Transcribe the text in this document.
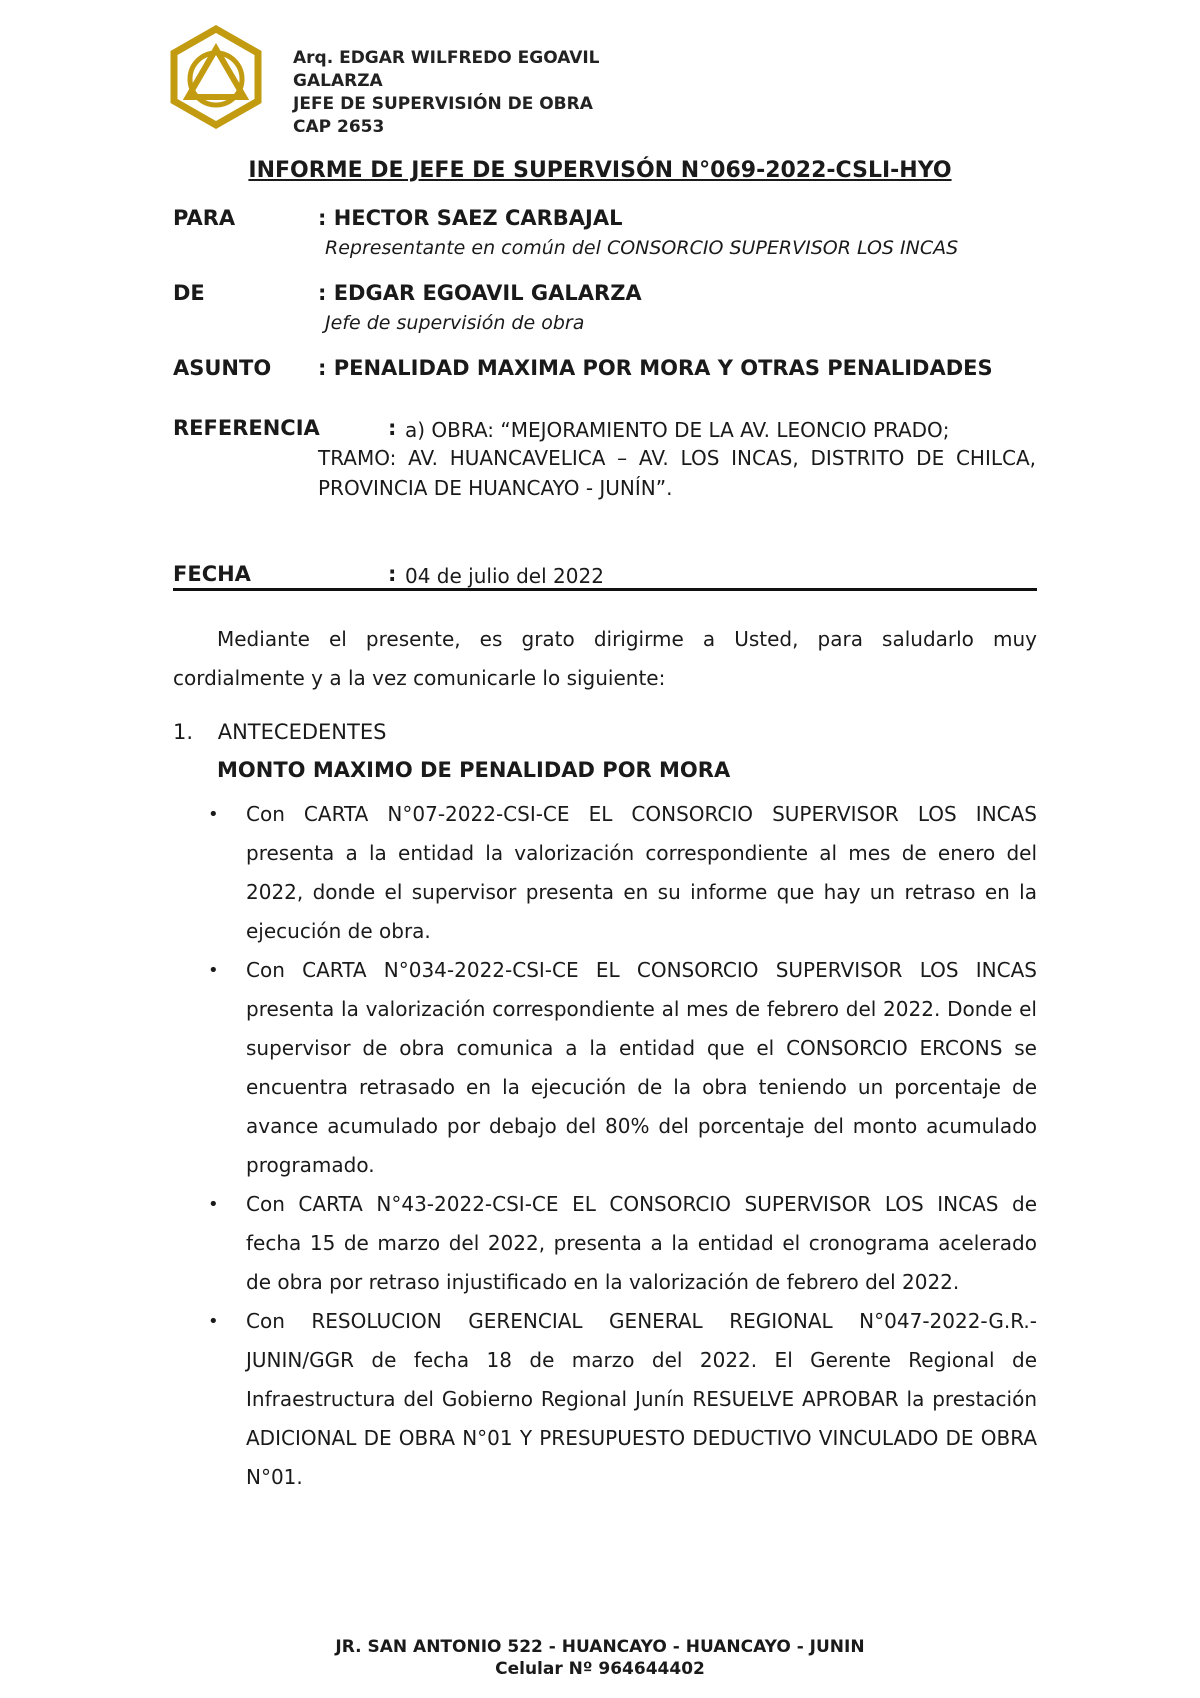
Arq. EDGAR WILFREDO EGOAVIL
GALARZA
JEFE DE SUPERVISIÓN DE OBRA
CAP 2653
INFORME DE JEFE DE SUPERVISÓN N°069-2022-CSLI-HYO
PARA	: HECTOR SAEZ CARBAJAL
Representante en común del CONSORCIO SUPERVISOR LOS INCAS
DE	: EDGAR EGOAVIL GALARZA
Jefe de supervisión de obra
ASUNTO : PENALIDAD MAXIMA POR MORA Y OTRAS PENALIDADES
REFERENCIA	: a) OBRA: “MEJORAMIENTO DE LA AV. LEONCIO PRADO;
TRAMO: AV. HUANCAVELICA – AV. LOS INCAS, DISTRITO DE CHILCA, PROVINCIA DE HUANCAYO - JUNÍN”.
FECHA	: 04 de julio del 2022
Mediante el presente, es grato dirigirme a Usted, para saludarlo muy cordialmente y a la vez comunicarle lo siguiente:
1. ANTECEDENTES
MONTO MAXIMO DE PENALIDAD POR MORA
•	Con CARTA N°07-2022-CSI-CE EL CONSORCIO SUPERVISOR LOS INCAS presenta a la entidad la valorización correspondiente al mes de enero del 2022, donde el supervisor presenta en su informe que hay un retraso en la ejecución de obra.
•	Con CARTA N°034-2022-CSI-CE EL CONSORCIO SUPERVISOR LOS INCAS presenta la valorización correspondiente al mes de febrero del 2022. Donde el supervisor de obra comunica a la entidad que el CONSORCIO ERCONS se encuentra retrasado en la ejecución de la obra teniendo un porcentaje de avance acumulado por debajo del 80% del porcentaje del monto acumulado programado.
•	Con CARTA N°43-2022-CSI-CE EL CONSORCIO SUPERVISOR LOS INCAS de fecha 15 de marzo del 2022, presenta a la entidad el cronograma acelerado de obra por retraso injustificado en la valorización de febrero del 2022.
•	Con RESOLUCION GERENCIAL GENERAL REGIONAL N°047-2022-G.R.-JUNIN/GGR de fecha 18 de marzo del 2022. El Gerente Regional de Infraestructura del Gobierno Regional Junín RESUELVE APROBAR la prestación ADICIONAL DE OBRA N°01 Y PRESUPUESTO DEDUCTIVO VINCULADO DE OBRA N°01.
JR. SAN ANTONIO 522 - HUANCAYO - HUANCAYO - JUNIN
Celular Nº 964644402
